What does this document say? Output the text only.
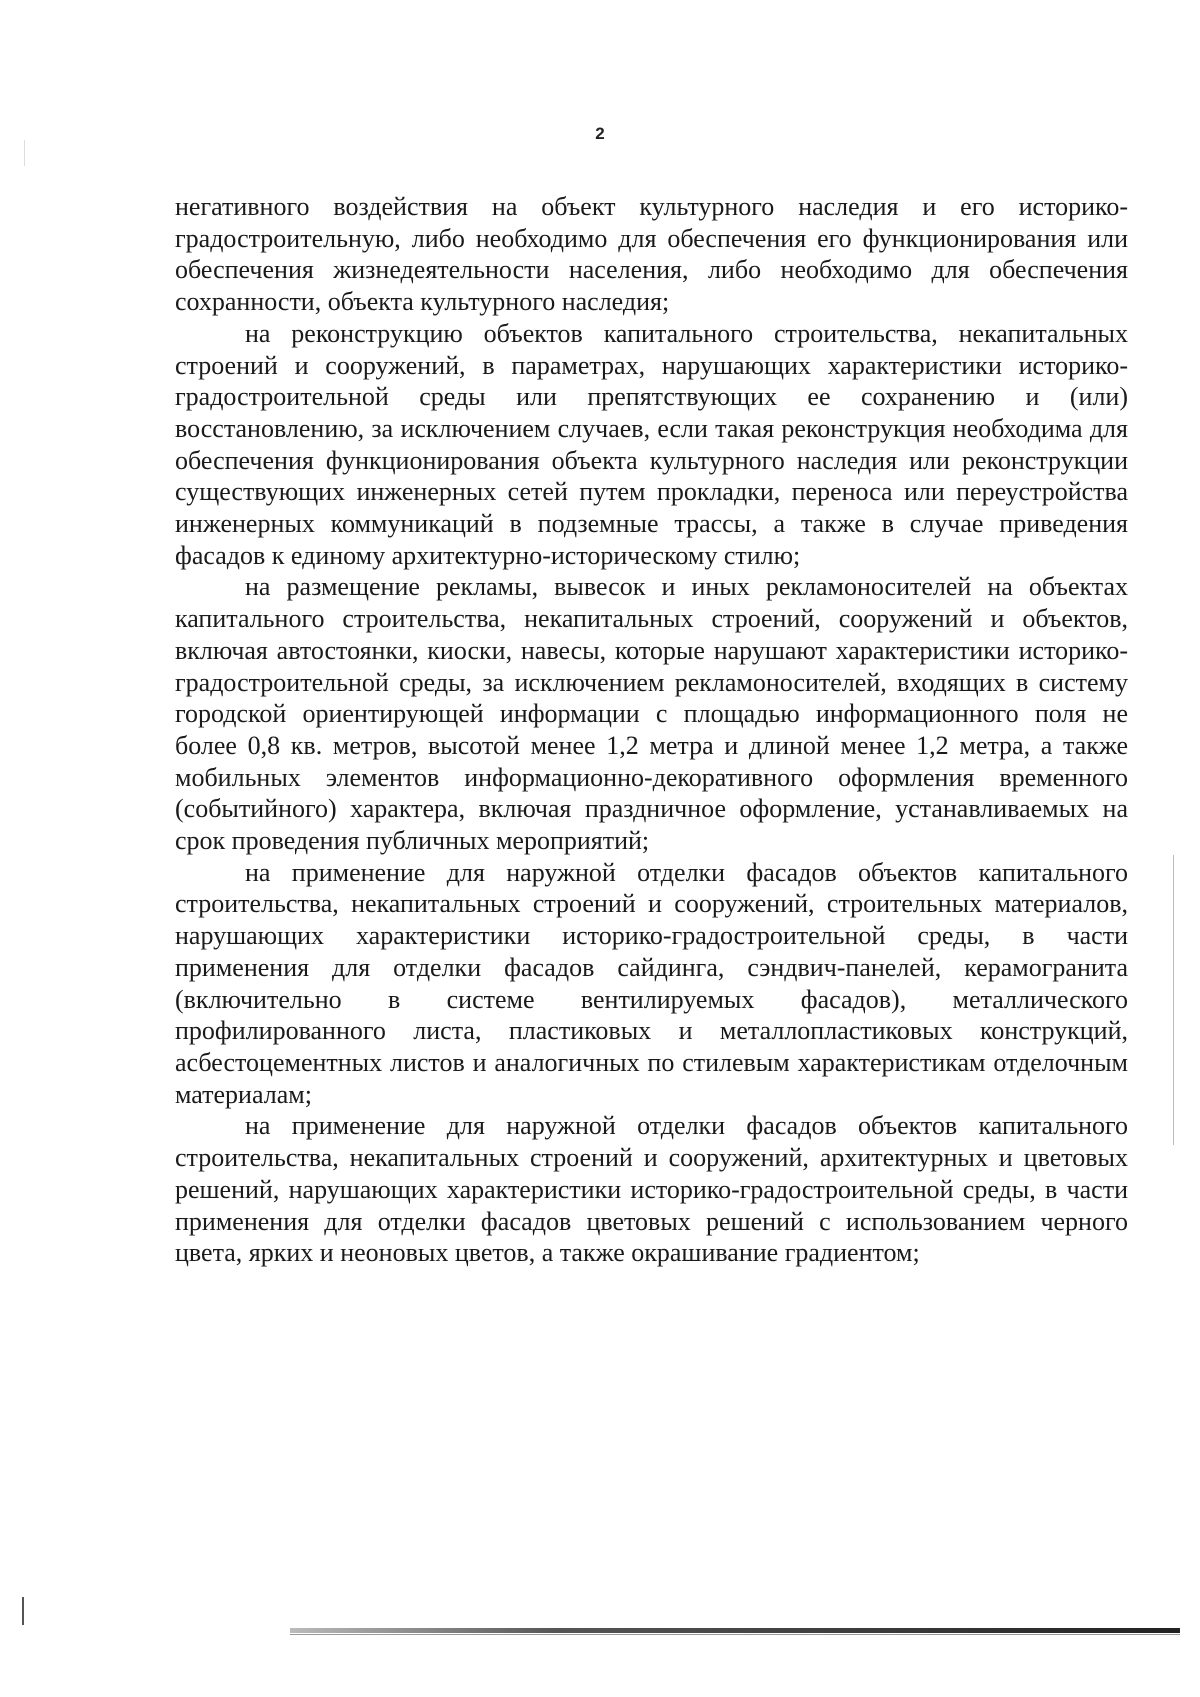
2

негативного воздействия на объект культурного наследия и его историко-градостроительную, либо необходимо для обеспечения его функционирования или обеспечения жизнедеятельности населения, либо необходимо для обеспечения сохранности, объекта культурного наследия;

на реконструкцию объектов капитального строительства, некапитальных строений и сооружений, в параметрах, нарушающих характеристики историко-градостроительной среды или препятствующих ее сохранению и (или) восстановлению, за исключением случаев, если такая реконструкция необходима для обеспечения функционирования объекта культурного наследия или реконструкции существующих инженерных сетей путем прокладки, переноса или переустройства инженерных коммуникаций в подземные трассы, а также в случае приведения фасадов к единому архитектурно-историческому стилю;

на размещение рекламы, вывесок и иных рекламоносителей на объектах капитального строительства, некапитальных строений, сооружений и объектов, включая автостоянки, киоски, навесы, которые нарушают характеристики историко-градостроительной среды, за исключением рекламоносителей, входящих в систему городской ориентирующей информации с площадью информационного поля не более 0,8 кв. метров, высотой менее 1,2 метра и длиной менее 1,2 метра, а также мобильных элементов информационно-декоративного оформления временного (событийного) характера, включая праздничное оформление, устанавливаемых на срок проведения публичных мероприятий;

на применение для наружной отделки фасадов объектов капитального строительства, некапитальных строений и сооружений, строительных материалов, нарушающих характеристики историко-градостроительной среды, в части применения для отделки фасадов сайдинга, сэндвич-панелей, керамогранита (включительно в системе вентилируемых фасадов), металлического профилированного листа, пластиковых и металлопластиковых конструкций, асбестоцементных листов и аналогичных по стилевым характеристикам отделочным материалам;

на применение для наружной отделки фасадов объектов капитального строительства, некапитальных строений и сооружений, архитектурных и цветовых решений, нарушающих характеристики историко-градостроительной среды, в части применения для отделки фасадов цветовых решений с использованием черного цвета, ярких и неоновых цветов, а также окрашивание градиентом;
